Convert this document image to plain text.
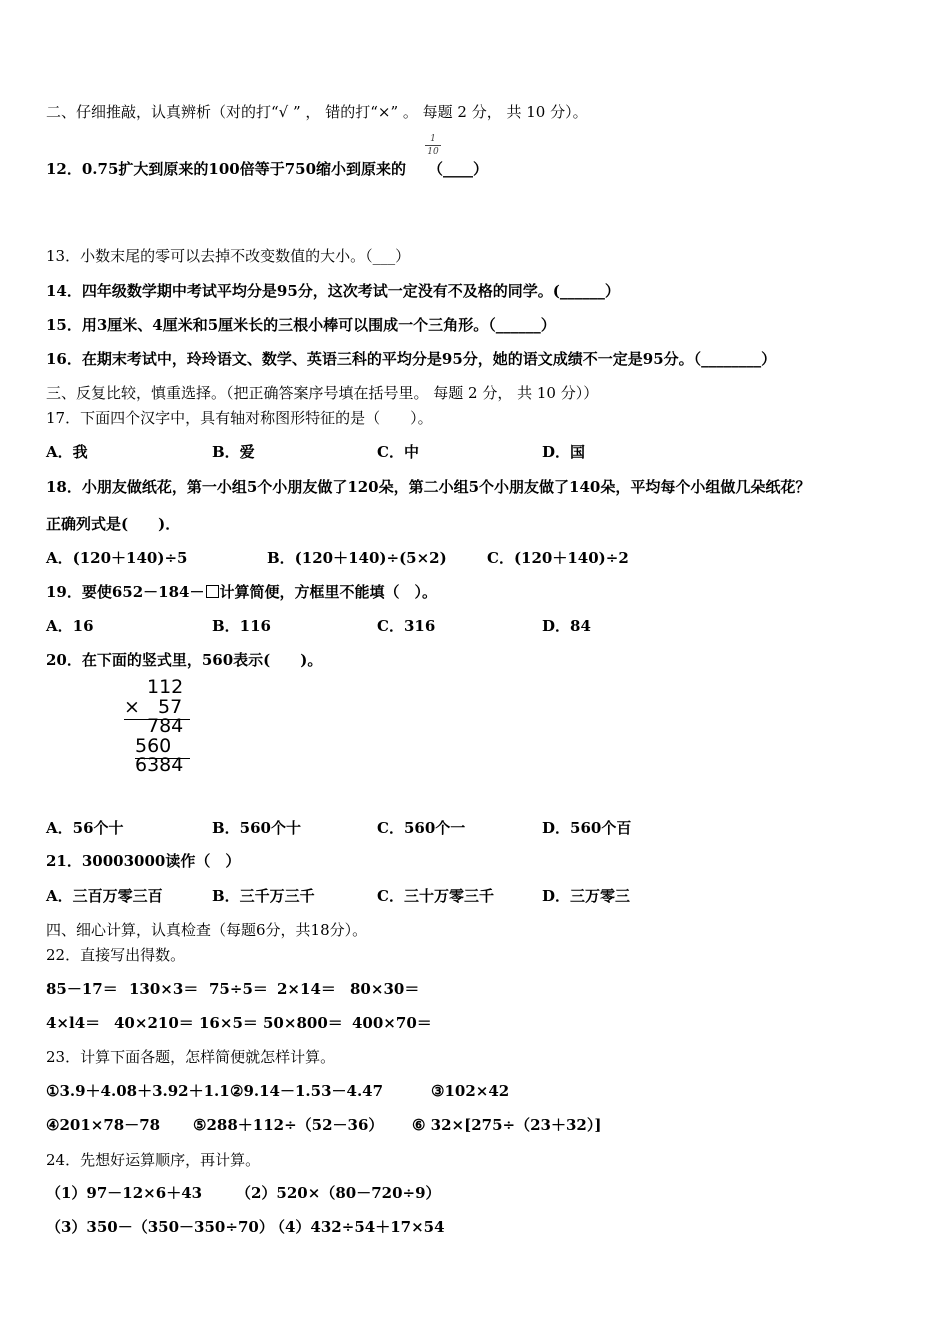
二、仔细推敲，认真辨析（对的打“√ ” ， 错的打“×” 。 每题 2 分， 共 10 分）。
12．0.75扩大到原来的100倍等于750缩小到原来的 （____）
1
10
13．小数末尾的零可以去掉不改变数值的大小。（___）
14．四年级数学期中考试平均分是95分，这次考试一定没有不及格的同学。(______）
15．用3厘米、4厘米和5厘米长的三根小棒可以围成一个三角形。（______）
16．在期末考试中，玲玲语文、数学、英语三科的平均分是95分，她的语文成绩不一定是95分。（________）
三、反复比较，慎重选择。（把正确答案序号填在括号里。 每题 2 分， 共 10 分））
17．下面四个汉字中，具有轴对称图形特征的是（　　）。
A．我	B．爱	C．中	D．国
18．小朋友做纸花，第一小组5个小朋友做了120朵，第二小组5个小朋友做了140朵，平均每个小组做几朵纸花？
正确列式是(　　)．
A．(120＋140)÷5	B．(120＋140)÷(5×2)	C．(120＋140)÷2
19．要使652－184－ 计算简便，方框里不能填（　）。
A．16	B．116	C．316	D．84
20．在下面的竖式里，560表示(　　)。
112
× 57
784
560
6384
A．56个十	B．560个十	C．560个一	D．560个百
21．30003000读作（　）
A．三百万零三百	B．三千万三千	C．三十万零三千	D．三万零三
四、细心计算，认真检查（每题6分，共18分）。
22．直接写出得数。
85－17＝ 130×3＝ 75÷5＝ 2×14＝ 80×30＝
4×l4＝ 40×210＝ 16×5＝ 50×800＝ 400×70＝
23．计算下面各题，怎样简便就怎样计算。
①3.9＋4.08＋3.92＋1.1 ②9.14－1.53－4.47	③102×42
④201×78－78 ⑤288＋112÷（52－36） ⑥ 32×[275÷（23＋32）]
24．先想好运算顺序，再计算。
（1）97－12×6＋43 （2）520×（80－720÷9）
（3）350－（350－350÷70）
（4）432÷54＋17×54
